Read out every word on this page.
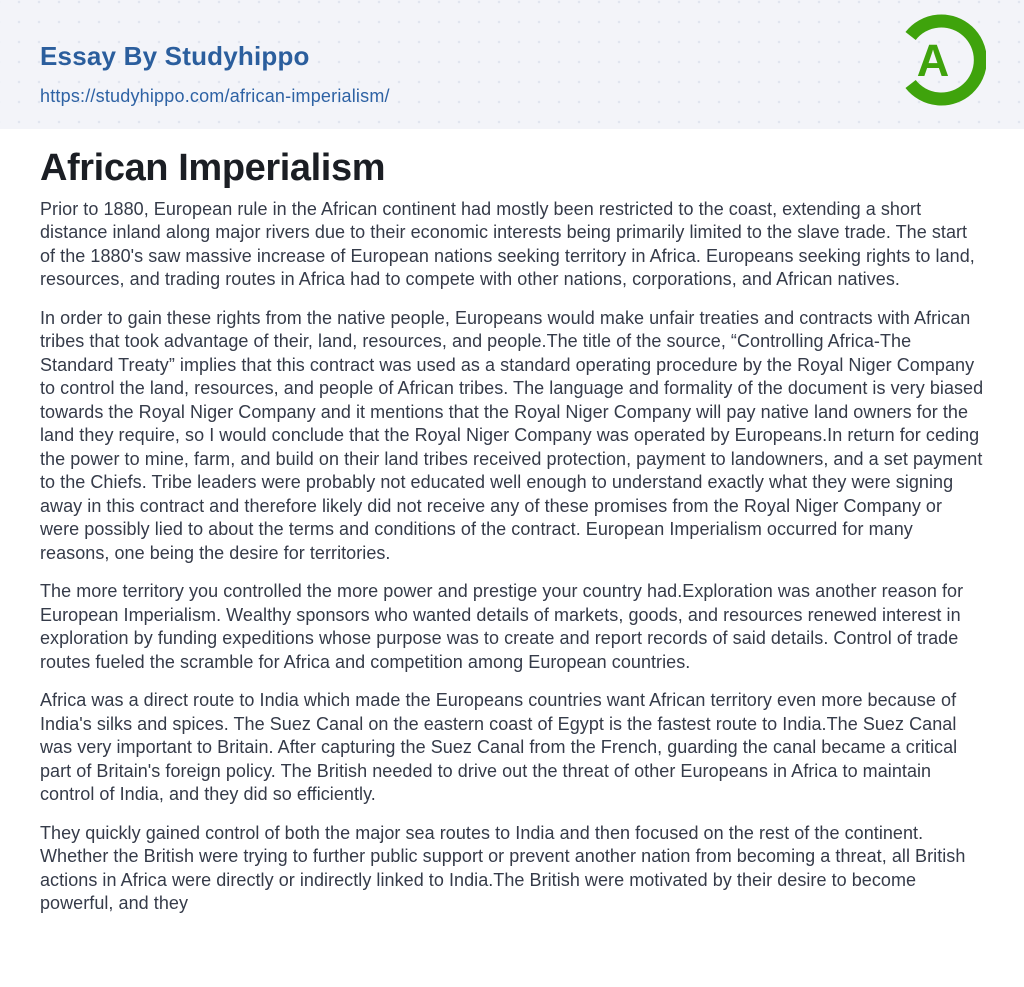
Essay By Studyhippo
https://studyhippo.com/african-imperialism/
A
African Imperialism

Prior to 1880, European rule in the African continent had mostly been restricted to the coast, extending a short distance inland along major rivers due to their economic interests being primarily limited to the slave trade. The start of the 1880's saw massive increase of European nations seeking territory in Africa. Europeans seeking rights to land, resources, and trading routes in Africa had to compete with other nations, corporations, and African natives.

In order to gain these rights from the native people, Europeans would make unfair treaties and contracts with African tribes that took advantage of their, land, resources, and people.The title of the source, “Controlling Africa-The Standard Treaty” implies that this contract was used as a standard operating procedure by the Royal Niger Company to control the land, resources, and people of African tribes. The language and formality of the document is very biased towards the Royal Niger Company and it mentions that the Royal Niger Company will pay native land owners for the land they require, so I would conclude that the Royal Niger Company was operated by Europeans.In return for ceding the power to mine, farm, and build on their land tribes received protection, payment to landowners, and a set payment to the Chiefs. Tribe leaders were probably not educated well enough to understand exactly what they were signing away in this contract and therefore likely did not receive any of these promises from the Royal Niger Company or were possibly lied to about the terms and conditions of the contract. European Imperialism occurred for many reasons, one being the desire for territories.

The more territory you controlled the more power and prestige your country had.Exploration was another reason for European Imperialism. Wealthy sponsors who wanted details of markets, goods, and resources renewed interest in exploration by funding expeditions whose purpose was to create and report records of said details. Control of trade routes fueled the scramble for Africa and competition among European countries.

Africa was a direct route to India which made the Europeans countries want African territory even more because of India's silks and spices. The Suez Canal on the eastern coast of Egypt is the fastest route to India.The Suez Canal was very important to Britain. After capturing the Suez Canal from the French, guarding the canal became a critical part of Britain's foreign policy. The British needed to drive out the threat of other Europeans in Africa to maintain control of India, and they did so efficiently.

They quickly gained control of both the major sea routes to India and then focused on the rest of the continent. Whether the British were trying to further public support or prevent another nation from becoming a threat, all British actions in Africa were directly or indirectly linked to India.The British were motivated by their desire to become powerful, and they
